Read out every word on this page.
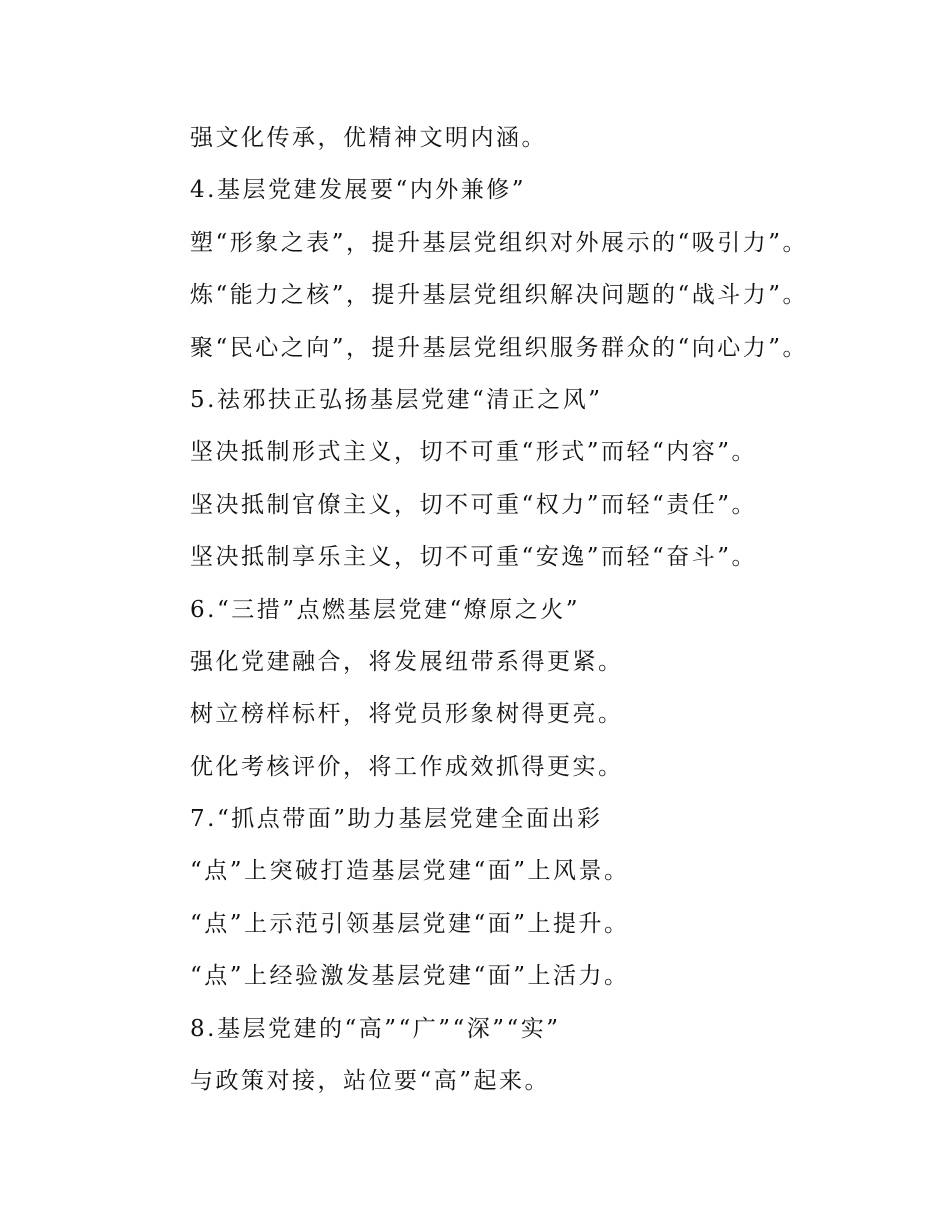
强文化传承，优精神文明内涵。
4.基层党建发展要“内外兼修”
塑“形象之表”，提升基层党组织对外展示的“吸引力”。
炼“能力之核”，提升基层党组织解决问题的“战斗力”。
聚“民心之向”，提升基层党组织服务群众的“向心力”。
5.祛邪扶正弘扬基层党建“清正之风”
坚决抵制形式主义，切不可重“形式”而轻“内容”。
坚决抵制官僚主义，切不可重“权力”而轻“责任”。
坚决抵制享乐主义，切不可重“安逸”而轻“奋斗”。
6.“三措”点燃基层党建“燎原之火”
强化党建融合，将发展纽带系得更紧。
树立榜样标杆，将党员形象树得更亮。
优化考核评价，将工作成效抓得更实。
7.“抓点带面”助力基层党建全面出彩
“点”上突破打造基层党建“面”上风景。
“点”上示范引领基层党建“面”上提升。
“点”上经验激发基层党建“面”上活力。
8.基层党建的“高”“广”“深”“实”
与政策对接，站位要“高”起来。
